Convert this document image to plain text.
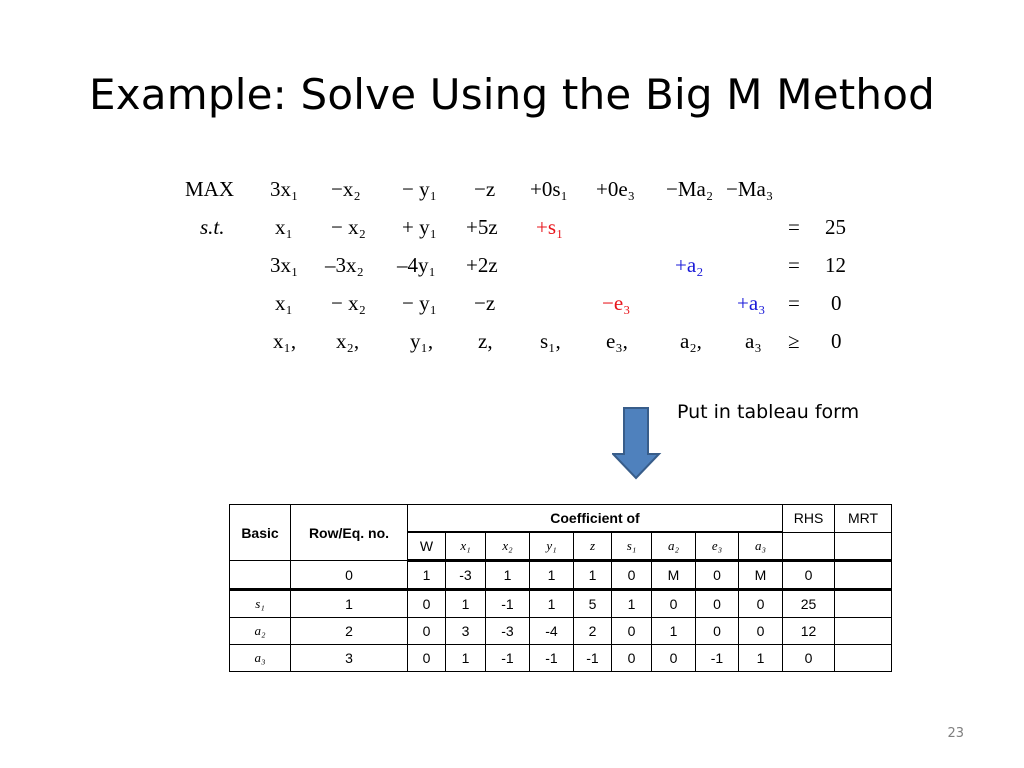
Example: Solve Using the Big M Method
MAX 3x₁ −x₂ − y₁ −z +0s₁ +0e₃ −Ma₂ −Ma₃
s.t. x₁ − x₂ + y₁ +5z +s₁	= 25
3x₁ –3x₂ –4y₁ +2z	+a₂	= 12
x₁ − x₂ − y₁ −z	−e₃	+a₃ = 0
x₁, x₂, y₁, z, s₁, e₃, a₂, a₃ ≥ 0
Put in tableau form
Basic	Row/Eq. no.	Coefficient of									RHS	MRT
		W	x₁	x₂	y₁	z	s₁	a₂	e₃	a₃		
	0	1	-3	1	1	1	0	M	0	M	0	
s₁	1	0	1	-1	1	5	1	0	0	0	25	
a₂	2	0	3	-3	-4	2	0	1	0	0	12	
a₃	3	0	1	-1	-1	-1	0	0	-1	1	0	
23
